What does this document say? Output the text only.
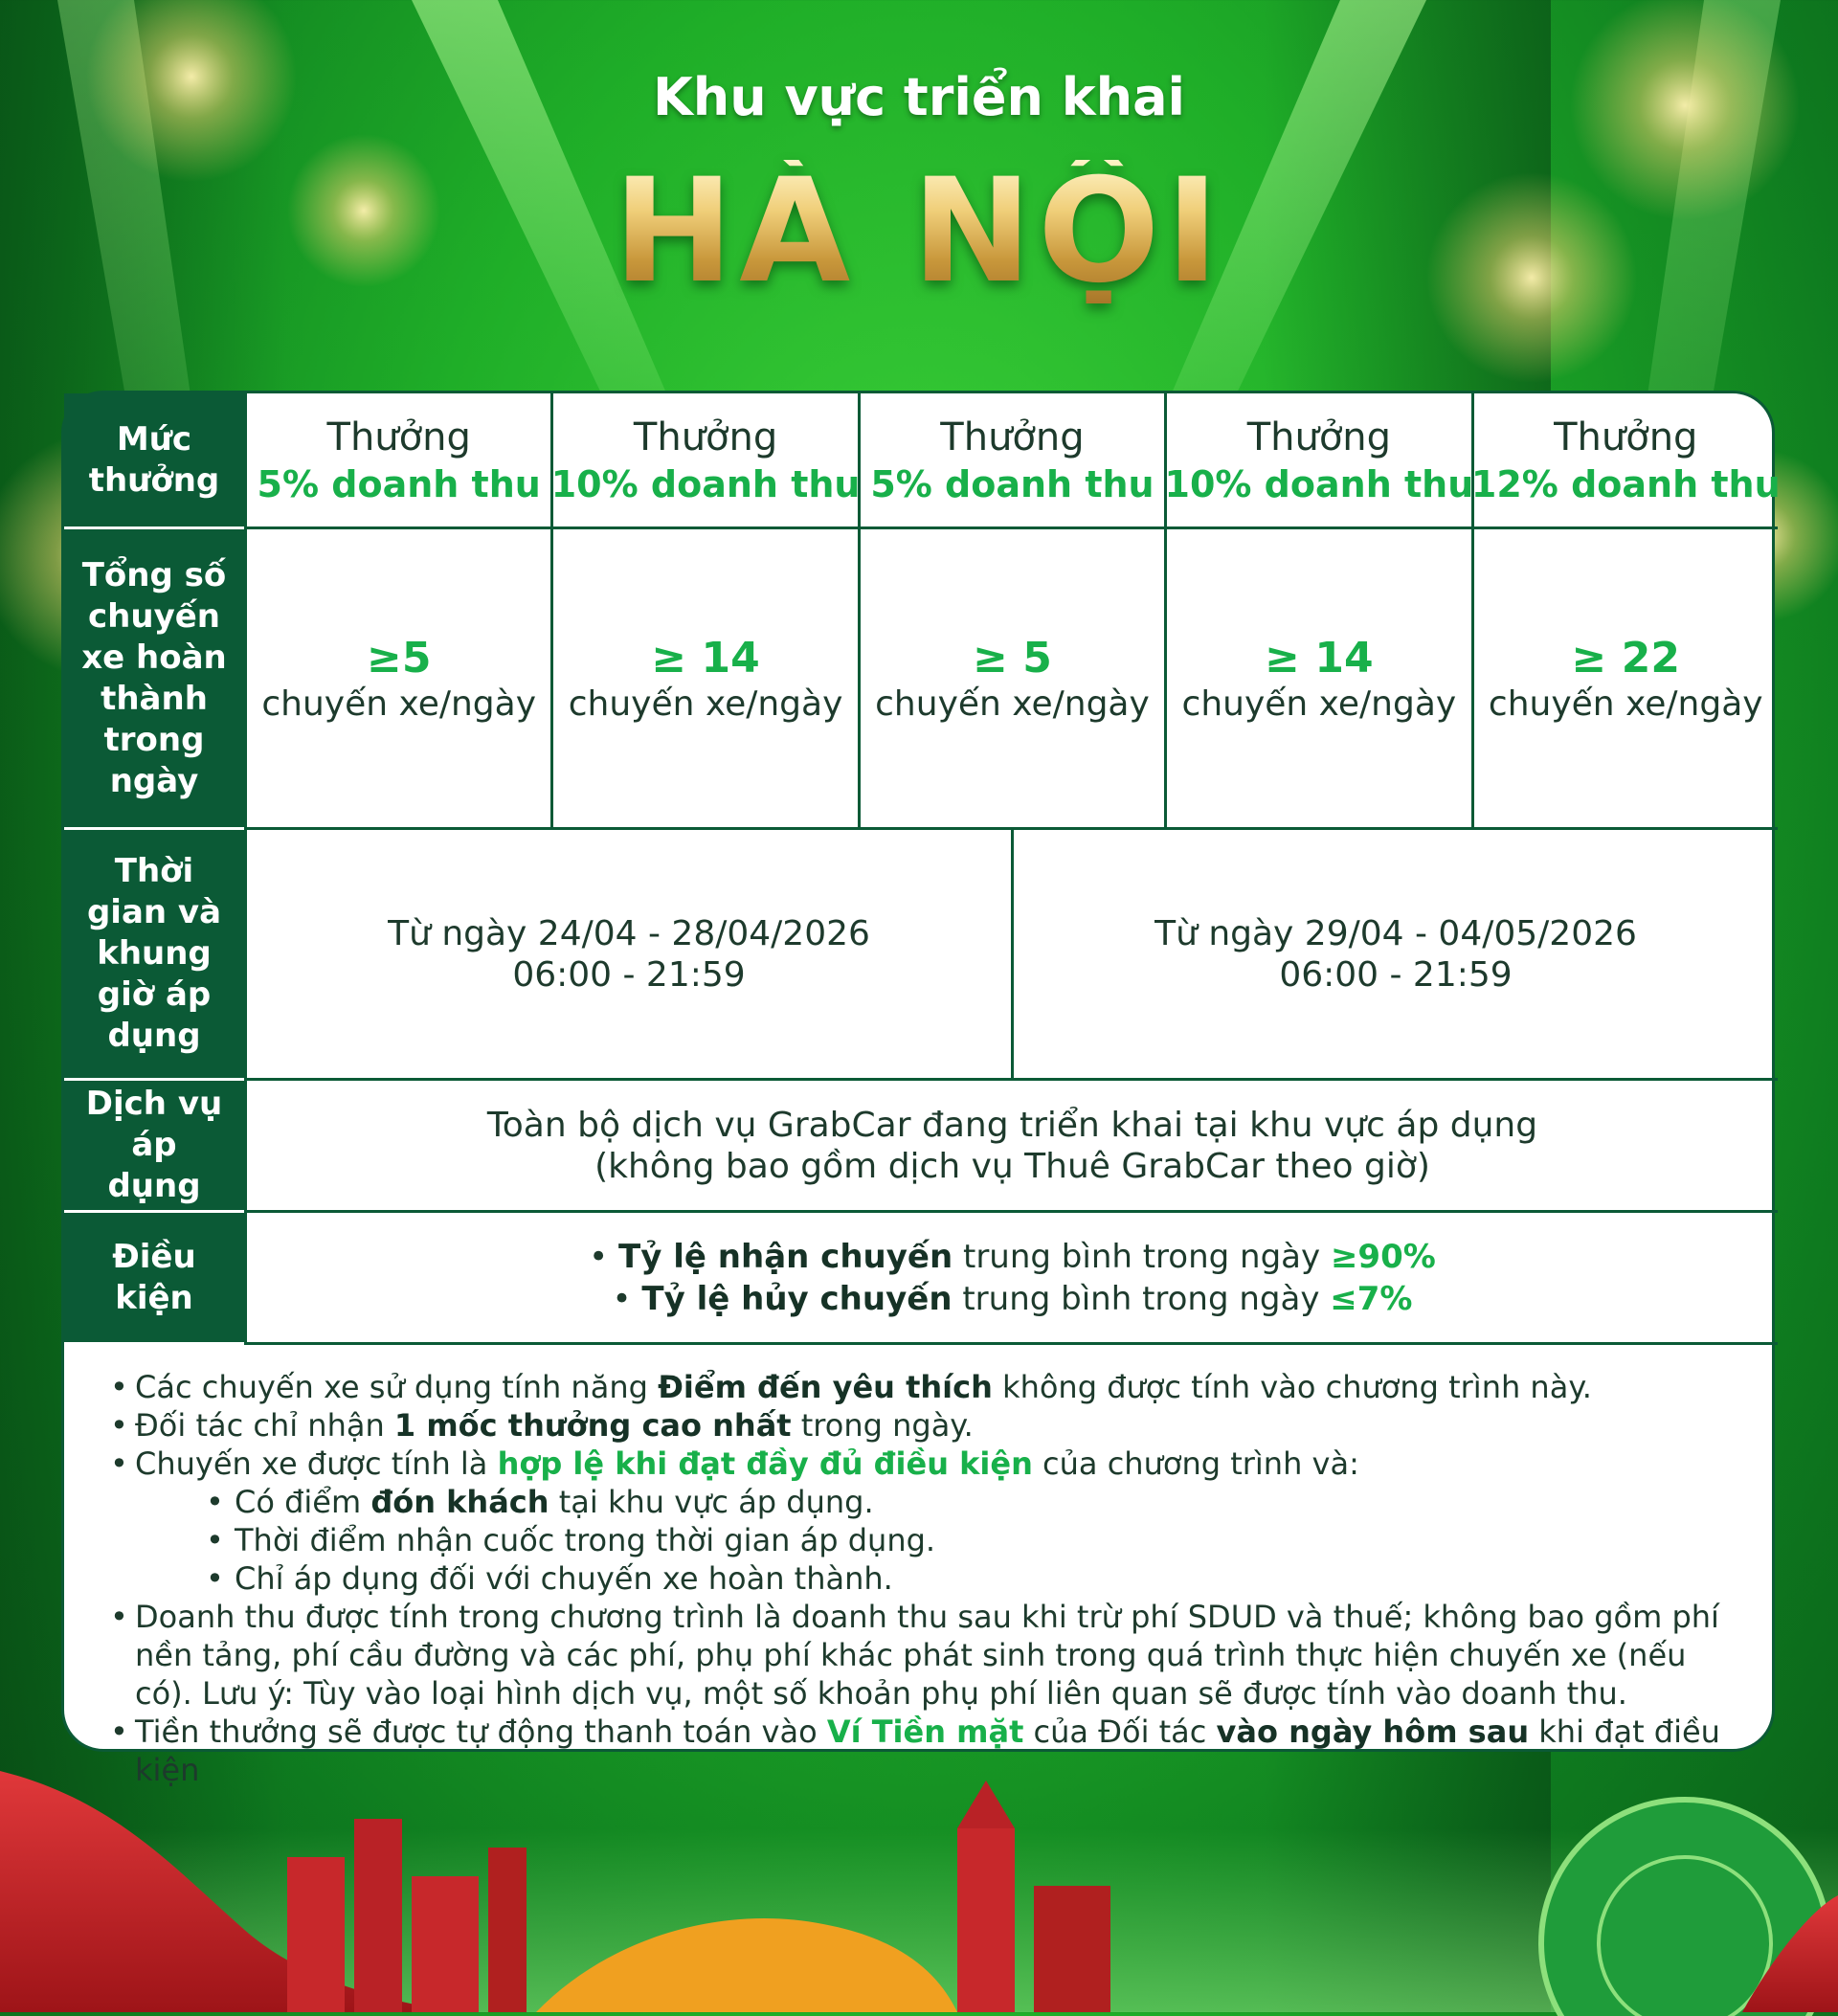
Khu vực triển khai
HÀ NỘI
Mức thưởng
Thưởng
5% doanh thu
Thưởng
10% doanh thu
Thưởng
5% doanh thu
Thưởng
10% doanh thu
Thưởng
12% doanh thu
Tổng số chuyến xe hoàn thành trong ngày
≥5
chuyến xe/ngày
≥ 14
chuyến xe/ngày
≥ 5
chuyến xe/ngày
≥ 14
chuyến xe/ngày
≥ 22
chuyến xe/ngày
Thời gian và khung giờ áp dụng
Từ ngày 24/04 - 28/04/2026
06:00 - 21:59
Từ ngày 29/04 - 04/05/2026
06:00 - 21:59
Dịch vụ áp dụng
Toàn bộ dịch vụ GrabCar đang triển khai tại khu vực áp dụng
(không bao gồm dịch vụ Thuê GrabCar theo giờ)
Điều kiện
• Tỷ lệ nhận chuyến trung bình trong ngày ≥90%
• Tỷ lệ hủy chuyến trung bình trong ngày ≤7%
• Các chuyến xe sử dụng tính năng Điểm đến yêu thích không được tính vào chương trình này.
• Đối tác chỉ nhận 1 mốc thưởng cao nhất trong ngày.
• Chuyến xe được tính là hợp lệ khi đạt đầy đủ điều kiện của chương trình và:
• Có điểm đón khách tại khu vực áp dụng.
• Thời điểm nhận cuốc trong thời gian áp dụng.
• Chỉ áp dụng đối với chuyến xe hoàn thành.
• Doanh thu được tính trong chương trình là doanh thu sau khi trừ phí SDUD và thuế; không bao gồm phí nền tảng, phí cầu đường và các phí, phụ phí khác phát sinh trong quá trình thực hiện chuyến xe (nếu có). Lưu ý: Tùy vào loại hình dịch vụ, một số khoản phụ phí liên quan sẽ được tính vào doanh thu.
• Tiền thưởng sẽ được tự động thanh toán vào Ví Tiền mặt của Đối tác vào ngày hôm sau khi đạt điều kiện
